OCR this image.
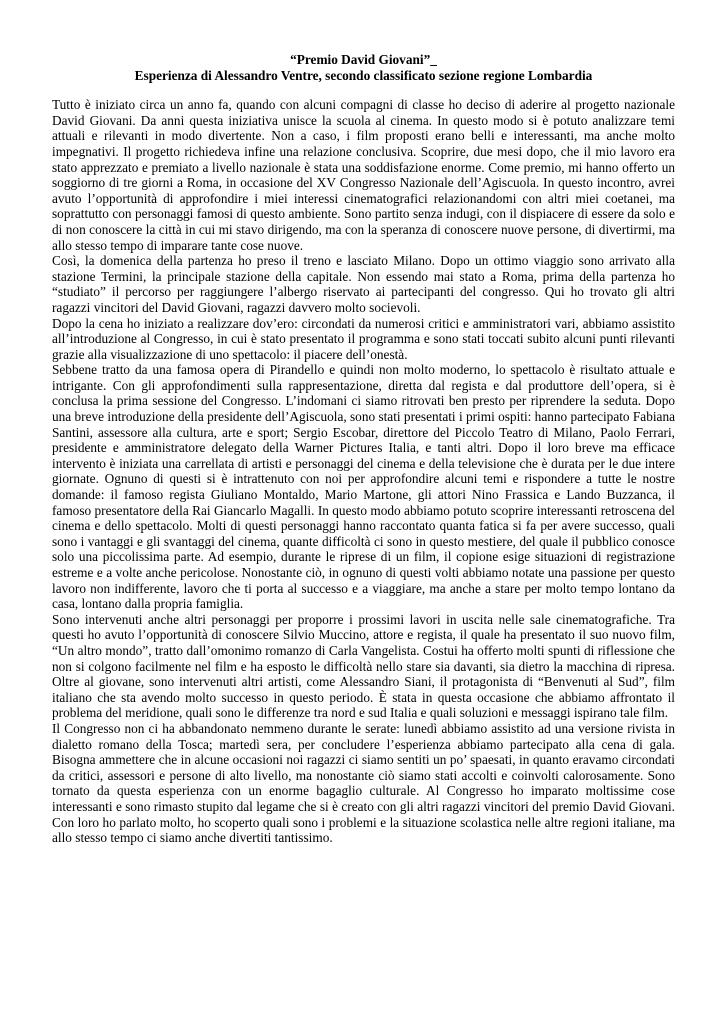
“Premio David Giovani”_
Esperienza di Alessandro Ventre, secondo classificato sezione regione Lombardia

Tutto è iniziato circa un anno fa, quando con alcuni compagni di classe ho deciso di aderire al progetto nazionale David Giovani. Da anni questa iniziativa unisce la scuola al cinema. In questo modo si è potuto analizzare temi attuali e rilevanti in modo divertente. Non a caso, i film proposti erano belli e interessanti, ma anche molto impegnativi. Il progetto richiedeva infine una relazione conclusiva. Scoprire, due mesi dopo, che il mio lavoro era stato apprezzato e premiato a livello nazionale è stata una soddisfazione enorme. Come premio, mi hanno offerto un soggiorno di tre giorni a Roma, in occasione del XV Congresso Nazionale dell’Agiscuola. In questo incontro, avrei avuto l’opportunità di approfondire i miei interessi cinematografici relazionandomi con altri miei coetanei, ma soprattutto con personaggi famosi di questo ambiente. Sono partito senza indugi, con il dispiacere di essere da solo e di non conoscere la città in cui mi stavo dirigendo, ma con la speranza di conoscere nuove persone, di divertirmi, ma allo stesso tempo di imparare tante cose nuove.

Così, la domenica della partenza ho preso il treno e lasciato Milano. Dopo un ottimo viaggio sono arrivato alla stazione Termini, la principale stazione della capitale. Non essendo mai stato a Roma, prima della partenza ho “studiato” il percorso per raggiungere l’albergo riservato ai partecipanti del congresso. Qui ho trovato gli altri ragazzi vincitori del David Giovani, ragazzi davvero molto socievoli.

Dopo la cena ho iniziato a realizzare dov’ero: circondati da numerosi critici e amministratori vari, abbiamo assistito all’introduzione al Congresso, in cui è stato presentato il programma e sono stati toccati subito alcuni punti rilevanti grazie alla visualizzazione di uno spettacolo: il piacere dell’onestà.

Sebbene tratto da una famosa opera di Pirandello e quindi non molto moderno, lo spettacolo è risultato attuale e intrigante. Con gli approfondimenti sulla rappresentazione, diretta dal regista e dal produttore dell’opera, si è conclusa la prima sessione del Congresso. L’indomani ci siamo ritrovati ben presto per riprendere la seduta. Dopo una breve introduzione della presidente dell’Agiscuola, sono stati presentati i primi ospiti: hanno partecipato Fabiana Santini, assessore alla cultura, arte e sport; Sergio Escobar, direttore del Piccolo Teatro di Milano, Paolo Ferrari, presidente e amministratore delegato della Warner Pictures Italia, e tanti altri. Dopo il loro breve ma efficace intervento è iniziata una carrellata di artisti e personaggi del cinema e della televisione che è durata per le due intere giornate. Ognuno di questi si è intrattenuto con noi per approfondire alcuni temi e rispondere a tutte le nostre domande: il famoso regista Giuliano Montaldo, Mario Martone, gli attori Nino Frassica e Lando Buzzanca, il famoso presentatore della Rai Giancarlo Magalli. In questo modo abbiamo potuto scoprire interessanti retroscena del cinema e dello spettacolo. Molti di questi personaggi hanno raccontato quanta fatica si fa per avere successo, quali sono i vantaggi e gli svantaggi del cinema, quante difficoltà ci sono in questo mestiere, del quale il pubblico conosce solo una piccolissima parte. Ad esempio, durante le riprese di un film, il copione esige situazioni di registrazione estreme e a volte anche pericolose. Nonostante ciò, in ognuno di questi volti abbiamo notate una passione per questo lavoro non indifferente, lavoro che ti porta al successo e a viaggiare, ma anche a stare per molto tempo lontano da casa, lontano dalla propria famiglia.

Sono intervenuti anche altri personaggi per proporre i prossimi lavori in uscita nelle sale cinematografiche. Tra questi ho avuto l’opportunità di conoscere Silvio Muccino, attore e regista, il quale ha presentato il suo nuovo film, “Un altro mondo”, tratto dall’omonimo romanzo di Carla Vangelista. Costui ha offerto molti spunti di riflessione che non si colgono facilmente nel film e ha esposto le difficoltà nello stare sia davanti, sia dietro la macchina di ripresa. Oltre al giovane, sono intervenuti altri artisti, come Alessandro Siani, il protagonista di “Benvenuti al Sud”, film italiano che sta avendo molto successo in questo periodo. È stata in questa occasione che abbiamo affrontato il problema del meridione, quali sono le differenze tra nord e sud Italia e quali soluzioni e messaggi ispirano tale film.

Il Congresso non ci ha abbandonato nemmeno durante le serate: lunedì abbiamo assistito ad una versione rivista in dialetto romano della Tosca; martedì sera, per concludere l’esperienza abbiamo partecipato alla cena di gala. Bisogna ammettere che in alcune occasioni noi ragazzi ci siamo sentiti un po’ spaesati, in quanto eravamo circondati da critici, assessori e persone di alto livello, ma nonostante ciò siamo stati accolti e coinvolti calorosamente. Sono tornato da questa esperienza con un enorme bagaglio culturale. Al Congresso ho imparato moltissime cose interessanti e sono rimasto stupito dal legame che si è creato con gli altri ragazzi vincitori del premio David Giovani. Con loro ho parlato molto, ho scoperto quali sono i problemi e la situazione scolastica nelle altre regioni italiane, ma allo stesso tempo ci siamo anche divertiti tantissimo.
